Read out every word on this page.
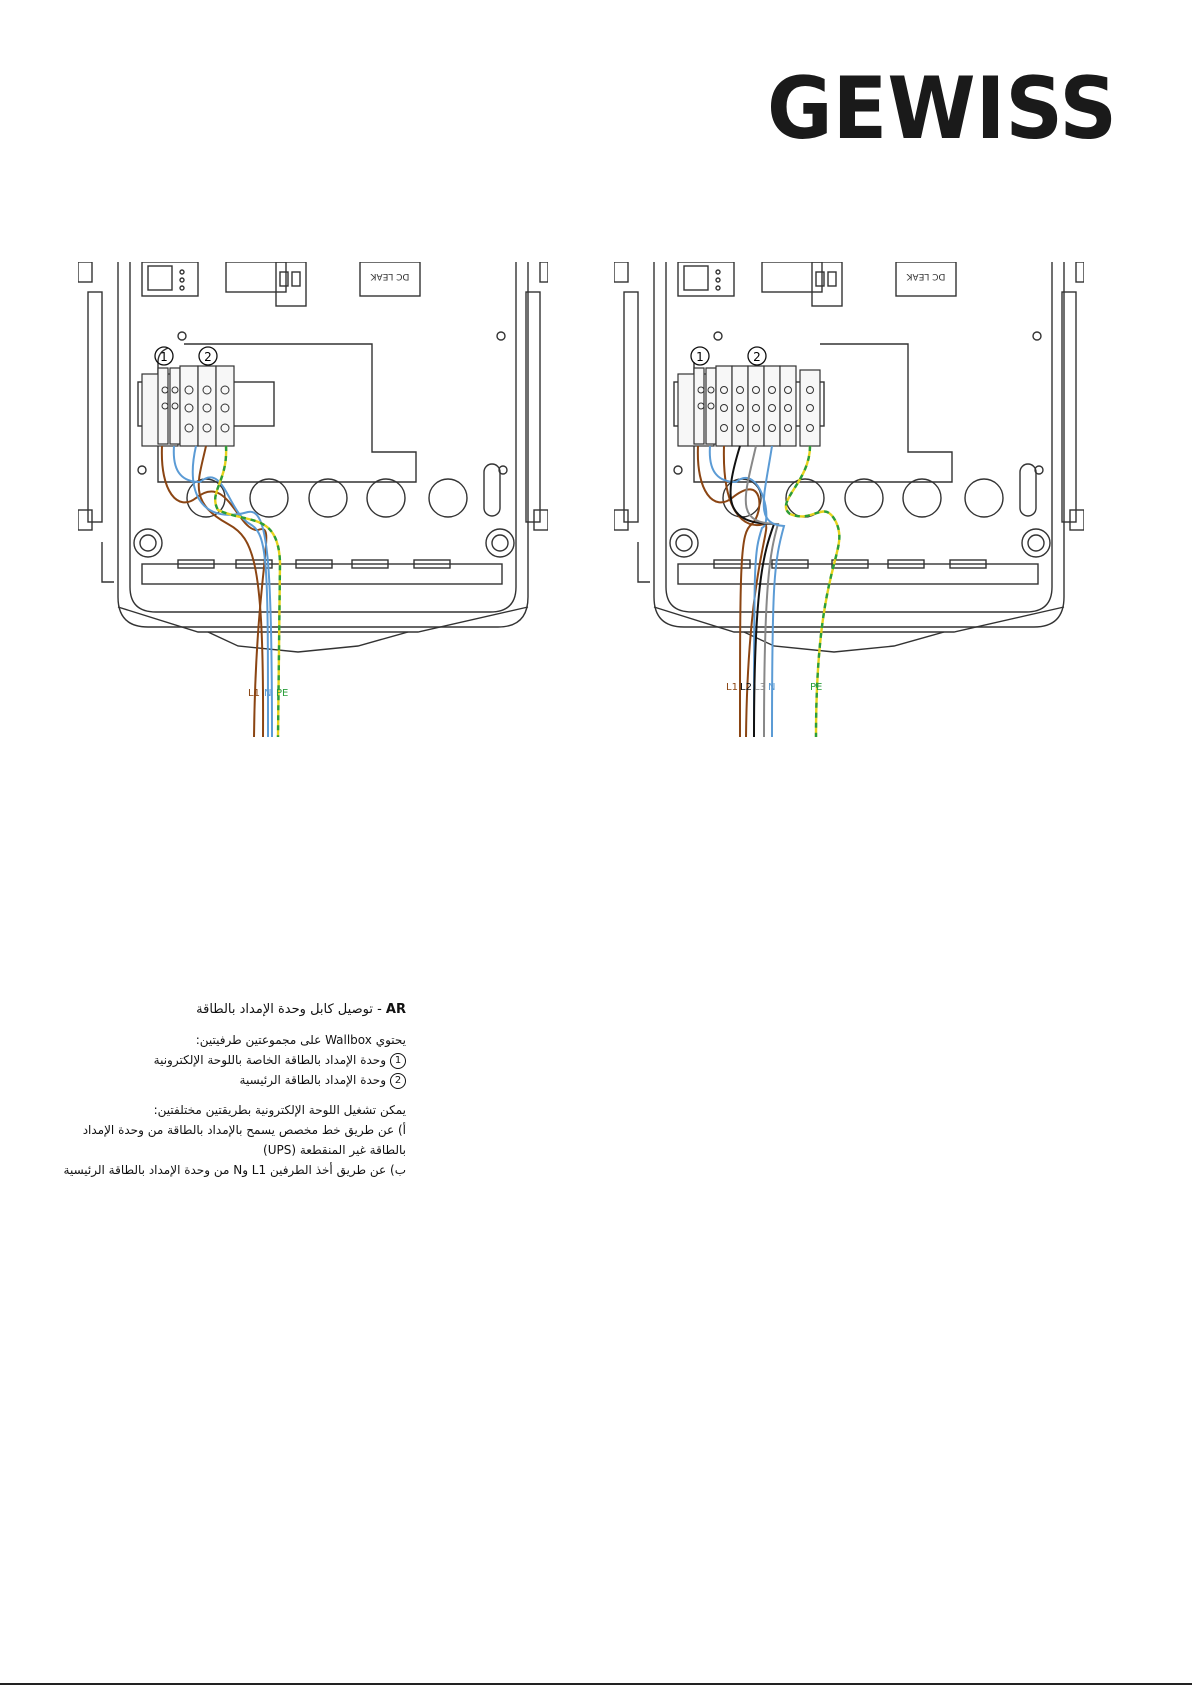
GEWISS
1	2
DC LEAK
L1 N PE
1	2
DC LEAK
L1 L2 L3 N	PE

AR - توصيل كابل وحدة الإمداد بالطاقة

يحتوي Wallbox على مجموعتين طرفيتين:

1وحدة الإمداد بالطاقة الخاصة باللوحة الإلكترونية

2وحدة الإمداد بالطاقة الرئيسية

يمكن تشغيل اللوحة الإلكترونية بطريقتين مختلفتين:

أ) عن طريق خط مخصص يسمح بالإمداد بالطاقة من وحدة الإمداد بالطاقة غير المنقطعة (UPS)

ب) عن طريق أخذ الطرفين L1 وN من وحدة الإمداد بالطاقة الرئيسية
